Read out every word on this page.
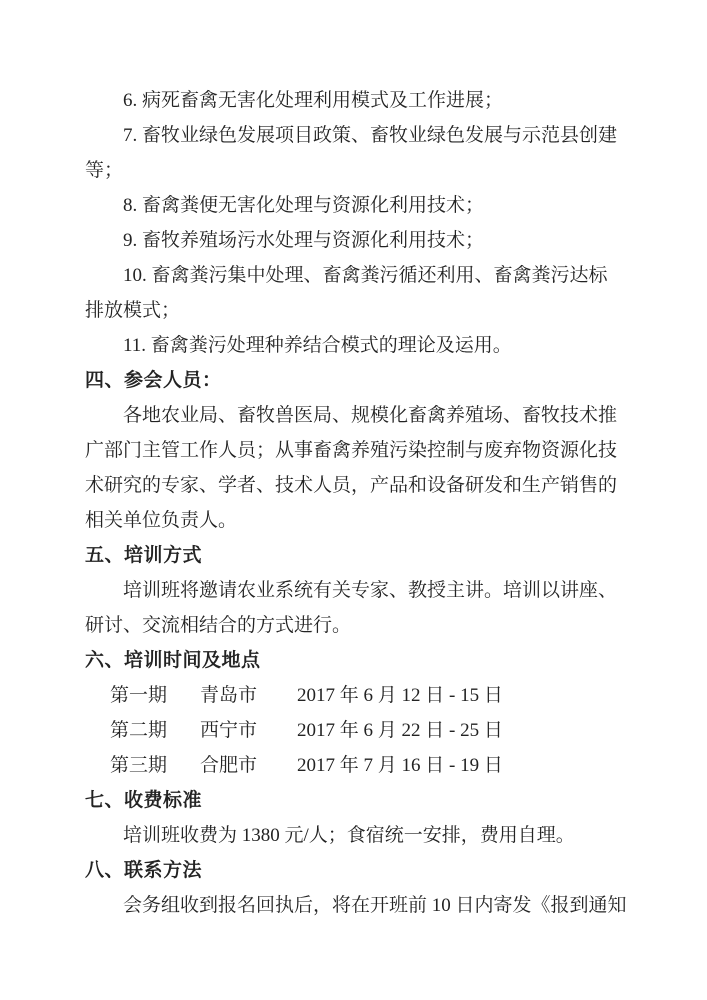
6. 病死畜禽无害化处理利用模式及工作进展；
7. 畜牧业绿色发展项目政策、畜牧业绿色发展与示范县创建
等；
8. 畜禽粪便无害化处理与资源化利用技术；
9. 畜牧养殖场污水处理与资源化利用技术；
10. 畜禽粪污集中处理、畜禽粪污循还利用、畜禽粪污达标
排放模式；
11. 畜禽粪污处理种养结合模式的理论及运用。
四、参会人员：
各地农业局、畜牧兽医局、规模化畜禽养殖场、畜牧技术推
广部门主管工作人员；从事畜禽养殖污染控制与废弃物资源化技
术研究的专家、学者、技术人员，产品和设备研发和生产销售的
相关单位负责人。
五、培训方式
培训班将邀请农业系统有关专家、教授主讲。培训以讲座、
研讨、交流相结合的方式进行。
六、培训时间及地点
第一期	青岛市	2017 年 6 月 12 日 - 15 日
第二期	西宁市	2017 年 6 月 22 日 - 25 日
第三期	合肥市	2017 年 7 月 16 日 - 19 日
七、收费标准
培训班收费为 1380 元/人；食宿统一安排，费用自理。
八、联系方法
会务组收到报名回执后，将在开班前 10 日内寄发《报到通知
